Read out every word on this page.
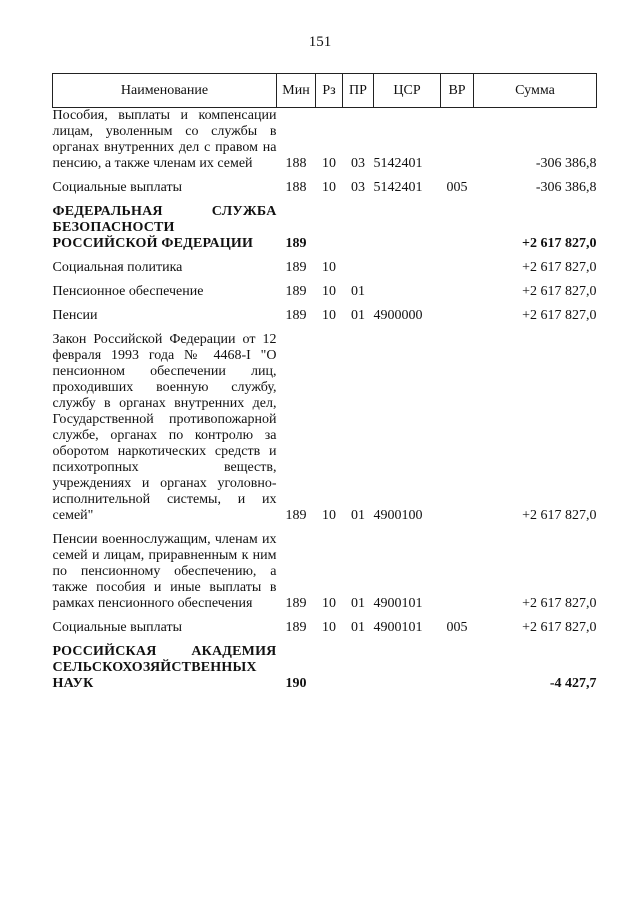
151
Наименование	Мин	Рз	ПР	ЦСР	ВР	Сумма
Пособия, выплаты и компенсации лицам, уволенным со службы в органах внутренних дел с правом на пенсию, а также членам их семей	188	10	03	5142401		-306 386,8

Социальные выплаты	188	10	03	5142401	005	-306 386,8

ФЕДЕРАЛЬНАЯ СЛУЖБА БЕЗОПАСНОСТИ РОССИЙСКОЙ ФЕДЕРАЦИИ	189					+2 617 827,0

Социальная политика	189	10				+2 617 827,0

Пенсионное обеспечение	189	10	01			+2 617 827,0

Пенсии	189	10	01	4900000		+2 617 827,0

Закон Российской Федерации от 12 февраля 1993 года № 4468-I "О пенсионном обеспечении лиц, проходивших военную службу, службу в органах внутренних дел, Государственной противопожарной службе, органах по контролю за оборотом наркотических средств и психотропных веществ, учреждениях и органах уголовно-исполнительной системы, и их семей"	189	10	01	4900100		+2 617 827,0

Пенсии военнослужащим, членам их семей и лицам, приравненным к ним по пенсионному обеспечению, а также пособия и иные выплаты в рамках пенсионного обеспечения	189	10	01	4900101		+2 617 827,0

Социальные выплаты	189	10	01	4900101	005	+2 617 827,0

РОССИЙСКАЯ АКАДЕМИЯ СЕЛЬСКОХОЗЯЙСТВЕННЫХ НАУК	190					-4 427,7
